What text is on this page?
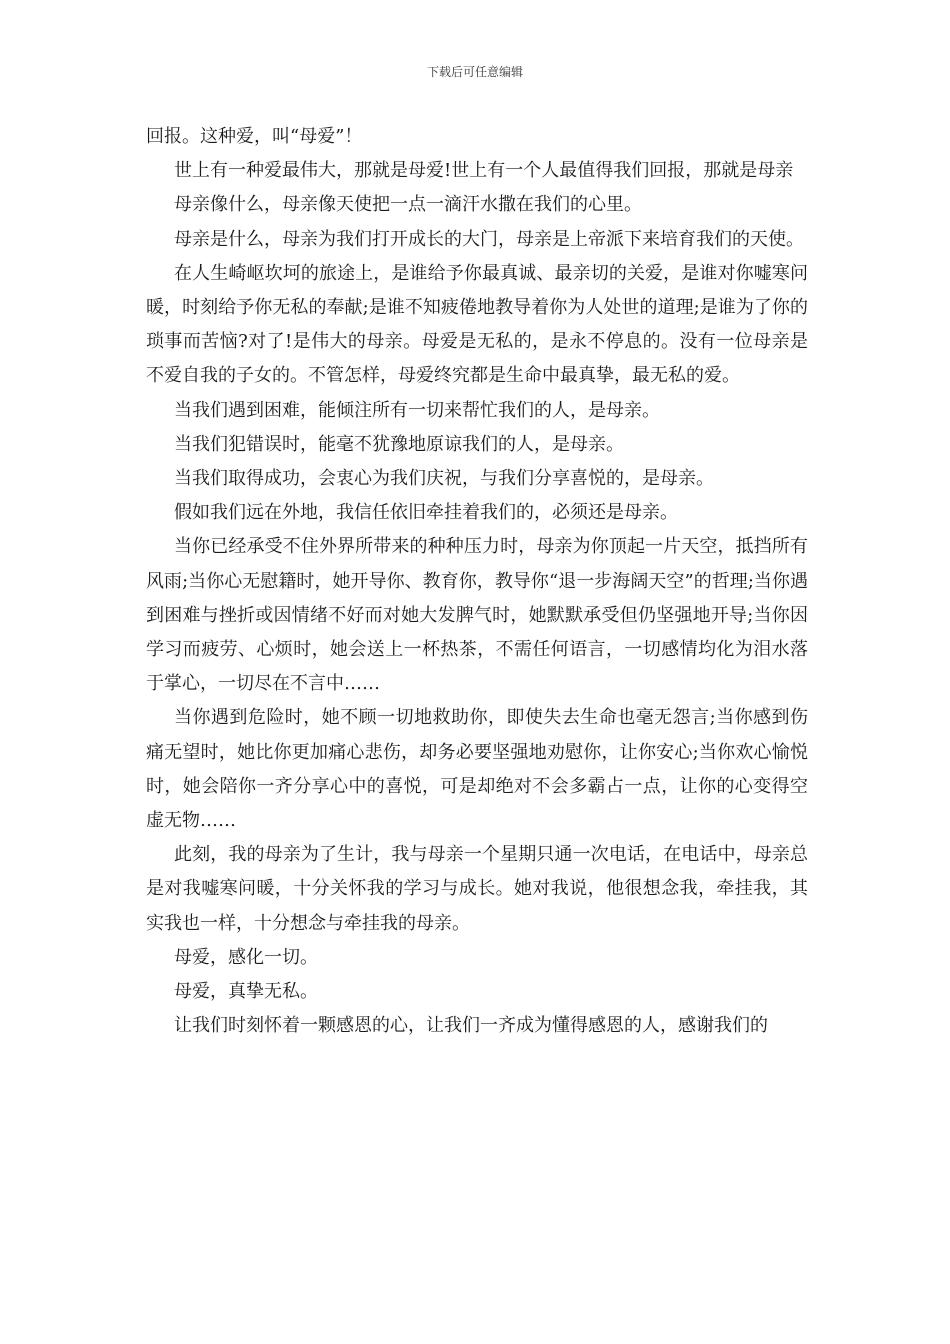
下载后可任意编辑

回报。这种爱，叫“母爱”！

世上有一种爱最伟大，那就是母爱!世上有一个人最值得我们回报，那就是母亲

母亲像什么，母亲像天使把一点一滴汗水撒在我们的心里。

母亲是什么，母亲为我们打开成长的大门，母亲是上帝派下来培育我们的天使。

在人生崎岖坎坷的旅途上，是谁给予你最真诚、最亲切的关爱，是谁对你嘘寒问暖，时刻给予你无私的奉献;是谁不知疲倦地教导着你为人处世的道理;是谁为了你的琐事而苦恼?对了!是伟大的母亲。母爱是无私的，是永不停息的。没有一位母亲是不爱自我的子女的。不管怎样，母爱终究都是生命中最真挚，最无私的爱。

当我们遇到困难，能倾注所有一切来帮忙我们的人，是母亲。

当我们犯错误时，能毫不犹豫地原谅我们的人，是母亲。

当我们取得成功，会衷心为我们庆祝，与我们分享喜悦的，是母亲。

假如我们远在外地，我信任依旧牵挂着我们的，必须还是母亲。

当你已经承受不住外界所带来的种种压力时，母亲为你顶起一片天空，抵挡所有风雨;当你心无慰籍时，她开导你、教育你，教导你“退一步海阔天空”的哲理;当你遇到困难与挫折或因情绪不好而对她大发脾气时，她默默承受但仍坚强地开导;当你因学习而疲劳、心烦时，她会送上一杯热茶，不需任何语言，一切感情均化为泪水落于掌心，一切尽在不言中……

当你遇到危险时，她不顾一切地救助你，即使失去生命也毫无怨言;当你感到伤痛无望时，她比你更加痛心悲伤，却务必要坚强地劝慰你，让你安心;当你欢心愉悦时，她会陪你一齐分享心中的喜悦，可是却绝对不会多霸占一点，让你的心变得空虚无物……

此刻，我的母亲为了生计，我与母亲一个星期只通一次电话，在电话中，母亲总是对我嘘寒问暖，十分关怀我的学习与成长。她对我说，他很想念我，牵挂我，其实我也一样，十分想念与牵挂我的母亲。

母爱，感化一切。

母爱，真挚无私。

让我们时刻怀着一颗感恩的心，让我们一齐成为懂得感恩的人，感谢我们的
